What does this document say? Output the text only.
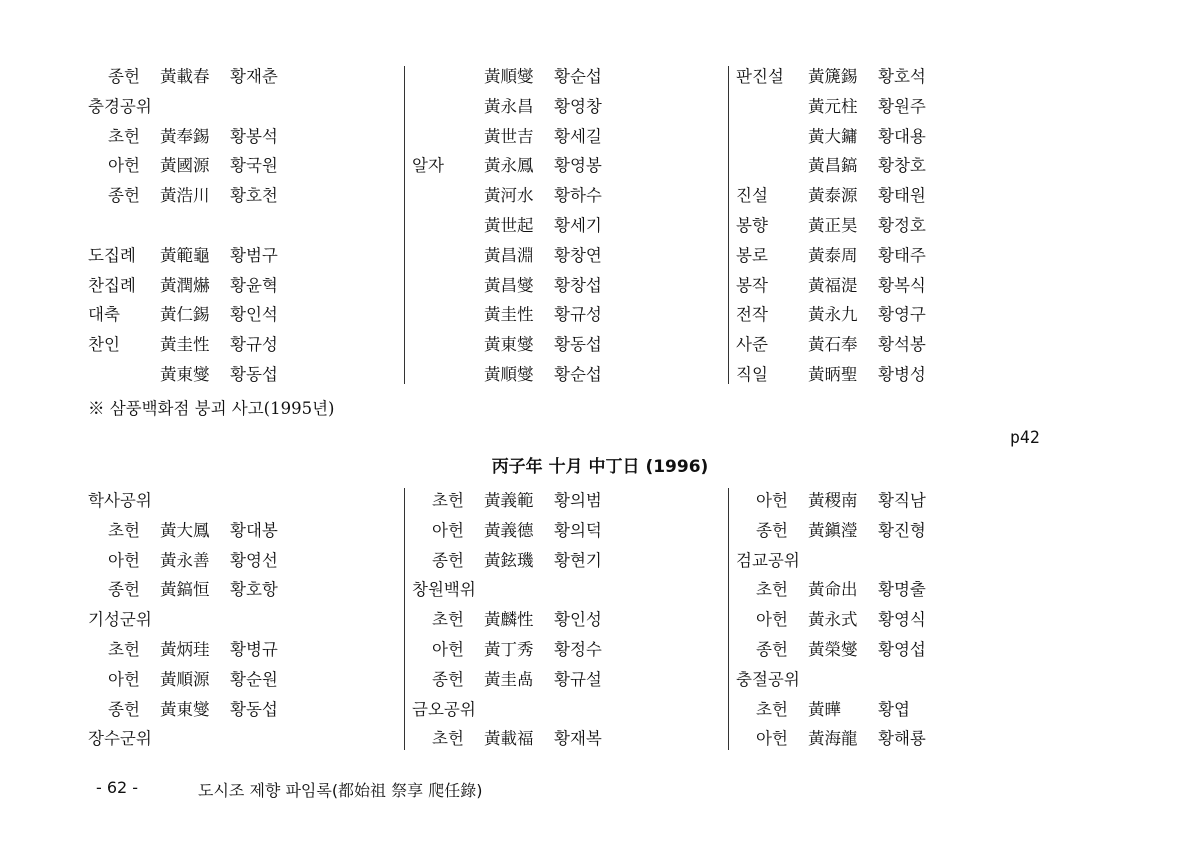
종헌 黃載春 황재춘
충경공위
초헌 黃奉錫 황봉석
아헌 黃國源 황국원
종헌 黃浩川 황호천
도집례 黃範龜 황범구
찬집례 黃潤爀 황윤혁
대축 黃仁錫 황인석
찬인 黃圭性 황규성
黃東燮 황동섭
黃順燮 황순섭
黃永昌 황영창
黃世吉 황세길
알자 黃永鳳 황영봉
黃河水 황하수
黃世起 황세기
黃昌淵 황창연
黃昌燮 황창섭
黃圭性 황규성
黃東燮 황동섭
黃順燮 황순섭
판진설 黃篪錫 황호석
黃元柱 황원주
黃大鏞 황대용
黃昌鎬 황창호
진설 黃泰源 황태원
봉향 黃正昊 황정호
봉로 黃泰周 황태주
봉작 黃福湜 황복식
전작 黃永九 황영구
사준 黃石奉 황석봉
직일 黃昞聖 황병성
※ 삼풍백화점 붕괴 사고(1995년)
p42
丙子年 十月 中丁日 (1996)
학사공위
초헌 黃大鳳 황대봉
아헌 黃永善 황영선
종헌 黃鎬恒 황호항
기성군위
초헌 黃炳珪 황병규
아헌 黃順源 황순원
종헌 黃東燮 황동섭
장수군위
초헌 黃義範 황의범
아헌 黃義德 황의덕
종헌 黃鉉璣 황현기
창원백위
초헌 黃麟性 황인성
아헌 黃丁秀 황정수
종헌 黃圭卨 황규설
금오공위
초헌 黃載福 황재복
아헌 黃稷南 황직남
종헌 黃鎭瀅 황진형
검교공위
초헌 黃命出 황명출
아헌 黃永式 황영식
종헌 黃榮燮 황영섭
충절공위
초헌 黃曄 황엽
아헌 黃海龍 황해룡
- 62 -	도시조 제향 파임록(都始祖 祭享 爬任錄)
